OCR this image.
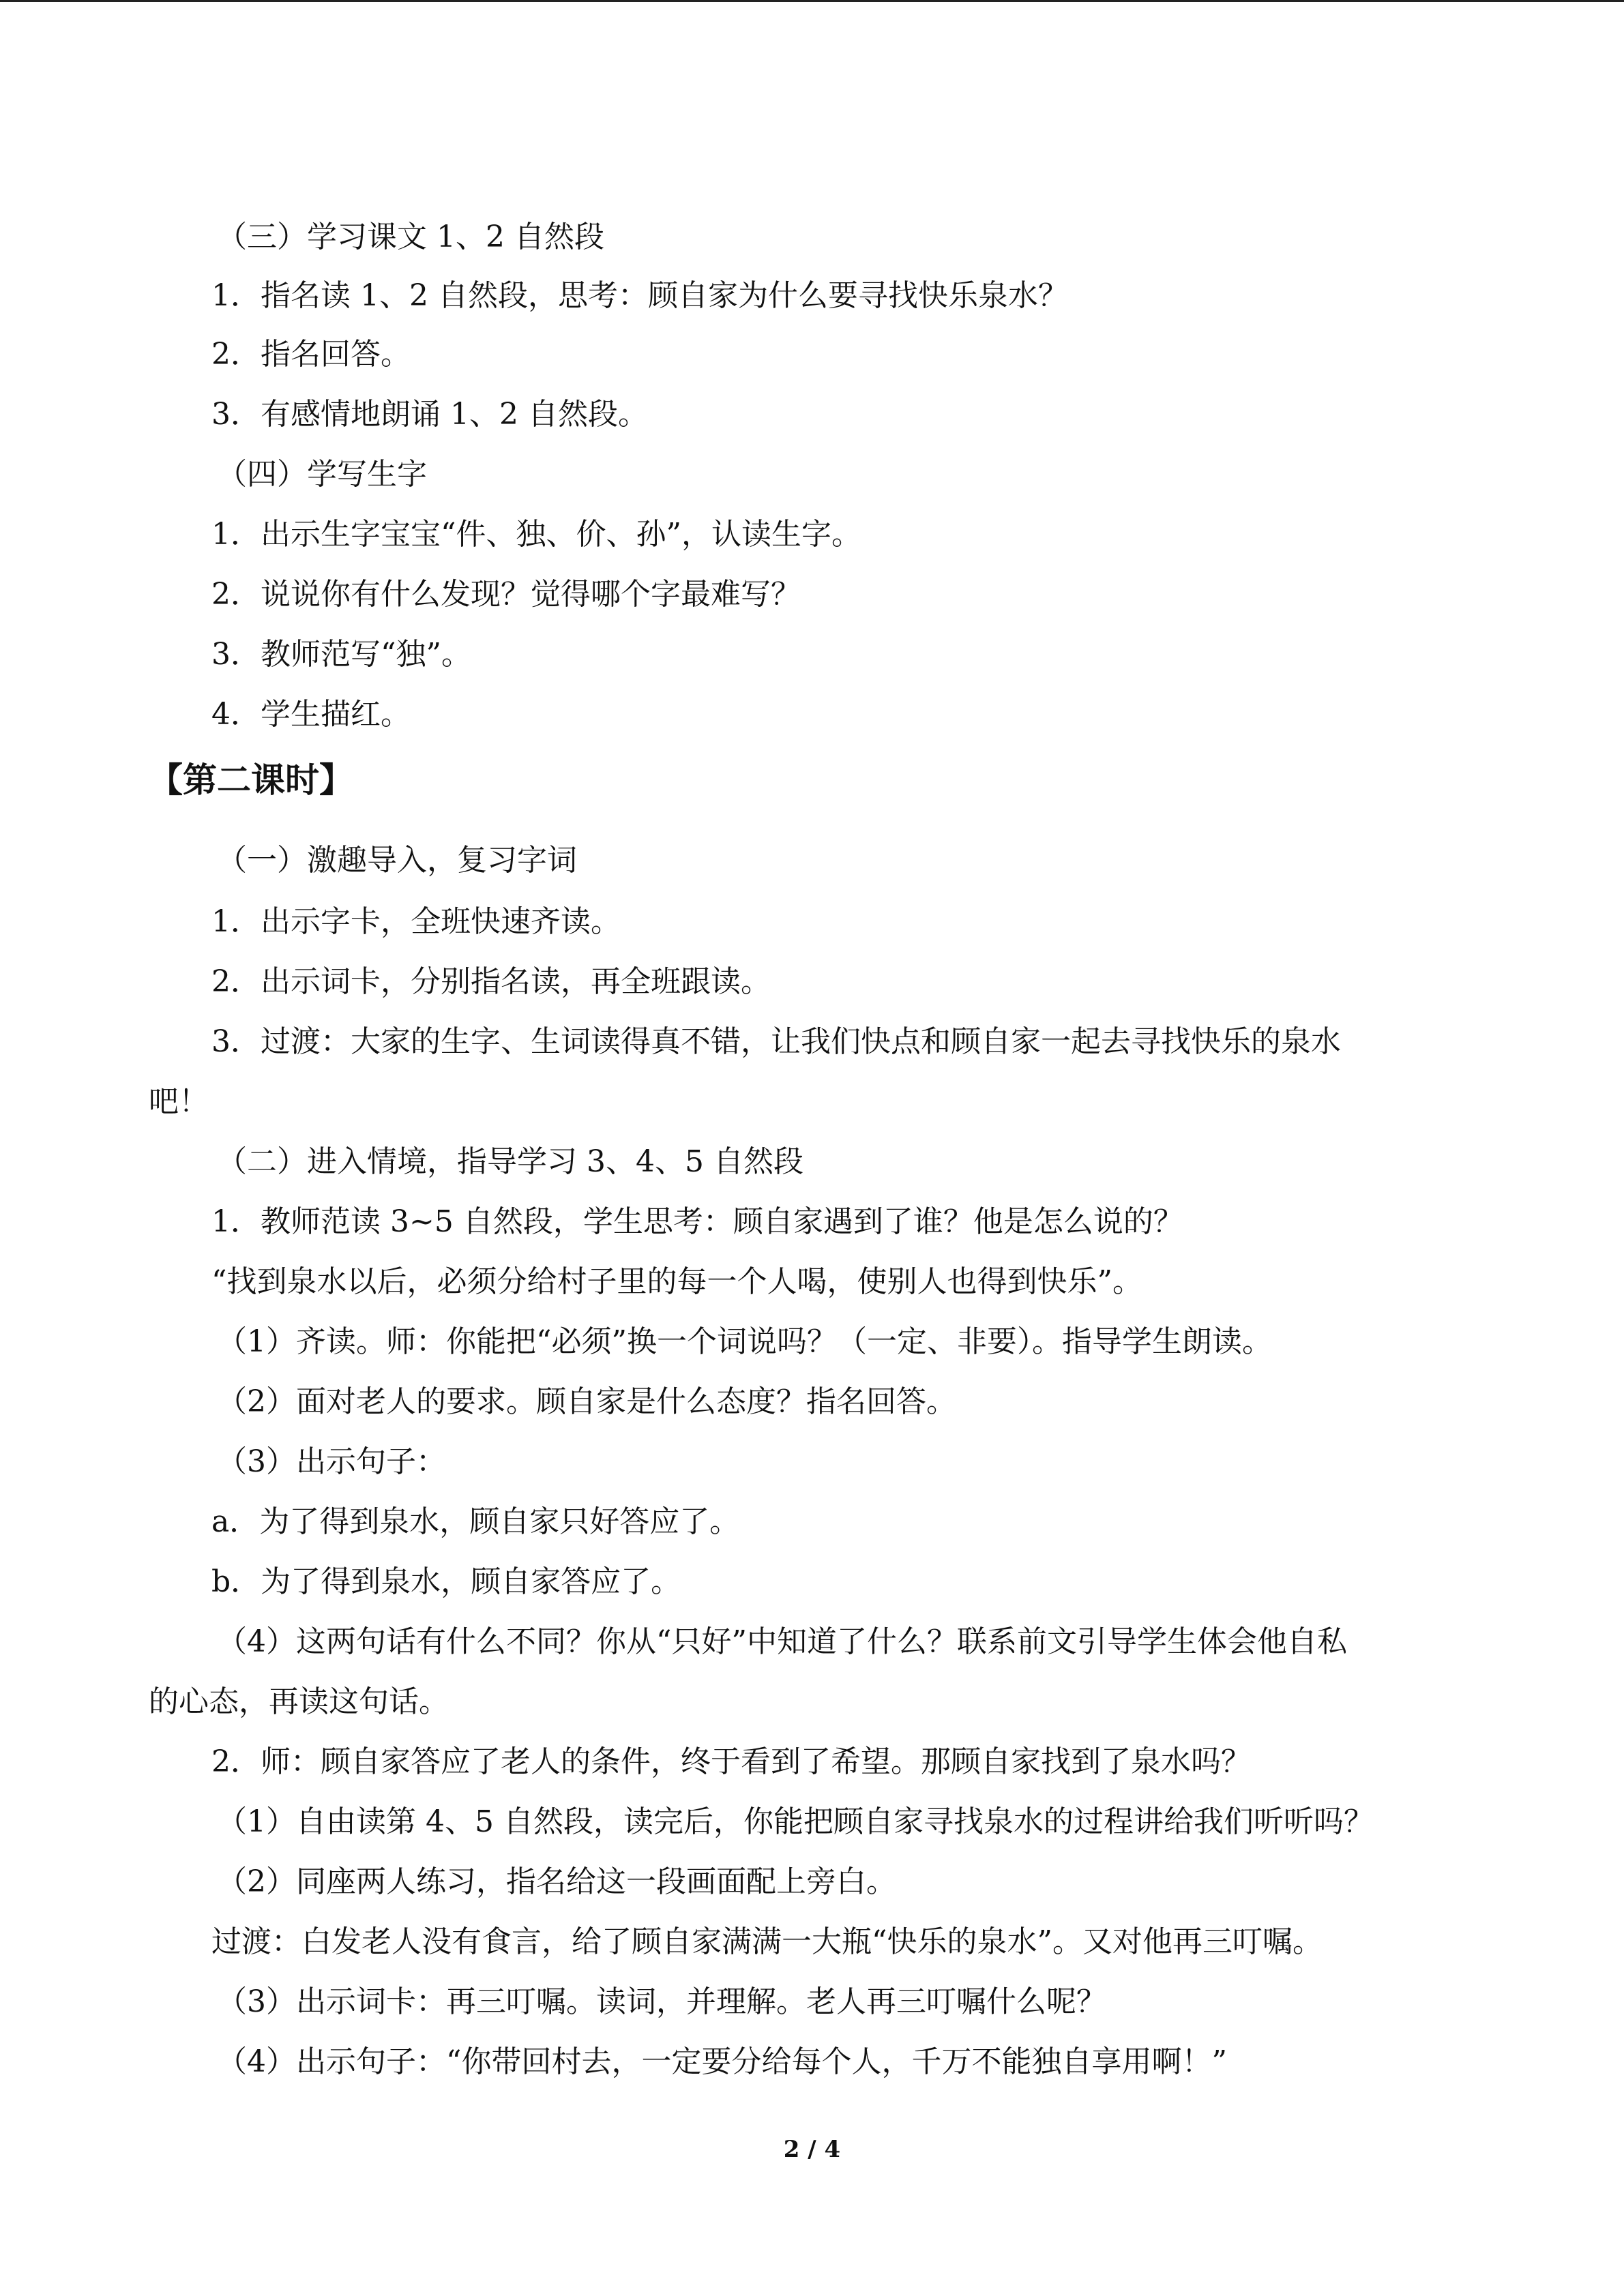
（三）学习课文 1、2 自然段
1．指名读 1、2 自然段，思考：顾自家为什么要寻找快乐泉水？
2．指名回答。
3．有感情地朗诵 1、2 自然段。
（四）学写生字
1．出示生字宝宝“件、独、价、孙”，认读生字。
2．说说你有什么发现？觉得哪个字最难写？
3．教师范写“独”。
4．学生描红。
【第二课时】
（一）激趣导入，复习字词
1．出示字卡，全班快速齐读。
2．出示词卡，分别指名读，再全班跟读。
3．过渡：大家的生字、生词读得真不错，让我们快点和顾自家一起去寻找快乐的泉水
吧！
（二）进入情境，指导学习 3、4、5 自然段
1．教师范读 3~5 自然段，学生思考：顾自家遇到了谁？他是怎么说的？
“找到泉水以后，必须分给村子里的每一个人喝，使别人也得到快乐”。
（1）齐读。师：你能把“必须”换一个词说吗？（一定、非要）。指导学生朗读。
（2）面对老人的要求。顾自家是什么态度？指名回答。
（3）出示句子：
a．为了得到泉水，顾自家只好答应了。
b．为了得到泉水，顾自家答应了。
（4）这两句话有什么不同？你从“只好”中知道了什么？联系前文引导学生体会他自私
的心态，再读这句话。
2．师：顾自家答应了老人的条件，终于看到了希望。那顾自家找到了泉水吗？
（1）自由读第 4、5 自然段，读完后，你能把顾自家寻找泉水的过程讲给我们听听吗？
（2）同座两人练习，指名给这一段画面配上旁白。
过渡：白发老人没有食言，给了顾自家满满一大瓶“快乐的泉水”。又对他再三叮嘱。
（3）出示词卡：再三叮嘱。读词，并理解。老人再三叮嘱什么呢？
（4）出示句子：“你带回村去，一定要分给每个人，千万不能独自享用啊！”
2 / 4
